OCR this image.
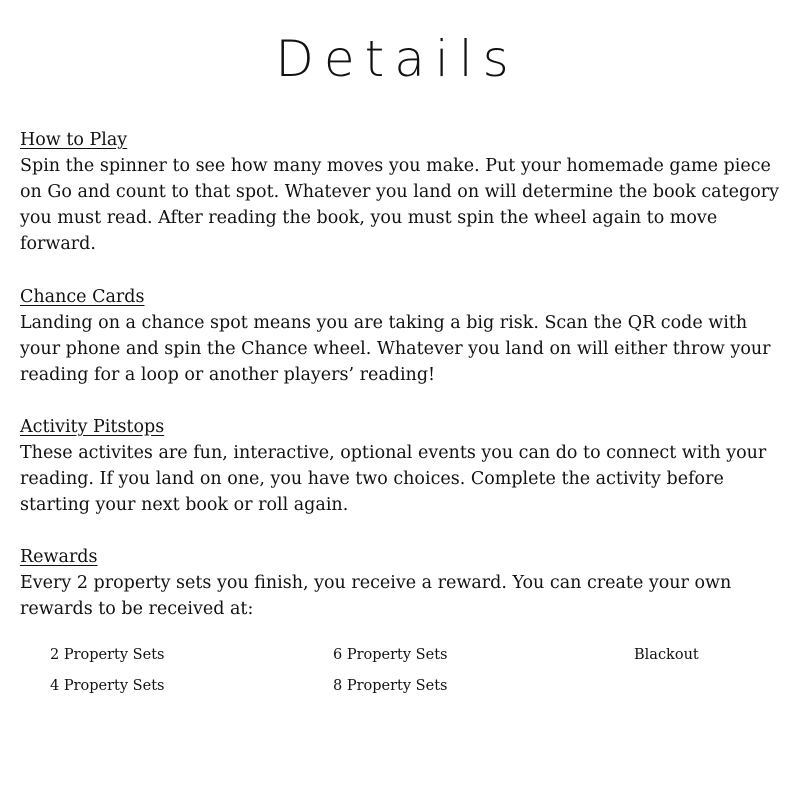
Details
How to Play
Spin the spinner to see how many moves you make. Put your homemade game piece on Go and count to that spot. Whatever you land on will determine the book category you must read. After reading the book, you must spin the wheel again to move forward.
Chance Cards
Landing on a chance spot means you are taking a big risk. Scan the QR code with your phone and spin the Chance wheel. Whatever you land on will either throw your reading for a loop or another players’ reading!
Activity Pitstops
These activites are fun, interactive, optional events you can do to connect with your reading. If you land on one, you have two choices. Complete the activity before starting your next book or roll again.
Rewards
Every 2 property sets you finish, you receive a reward. You can create your own rewards to be received at:
2 Property Sets	6 Property Sets	Blackout
4 Property Sets	8 Property Sets
